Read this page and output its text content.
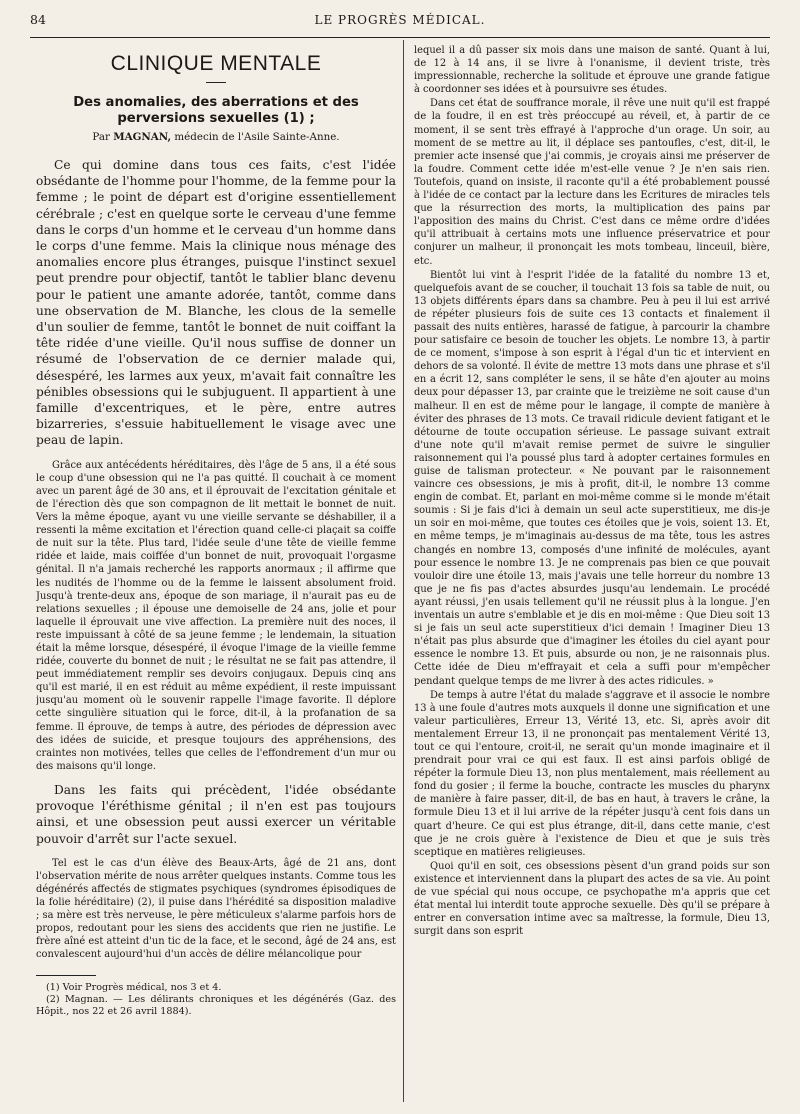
84	LE PROGRÈS MÉDICAL.
CLINIQUE MENTALE
Des anomalies, des aberrations et des perversions sexuelles (1) ;
Par MAGNAN, médecin de l'Asile Sainte-Anne.

Ce qui domine dans tous ces faits, c'est l'idée obsédante de l'homme pour l'homme, de la femme pour la femme ; le point de départ est d'origine essentiellement cérébrale ; c'est en quelque sorte le cerveau d'une femme dans le corps d'un homme et le cerveau d'un homme dans le corps d'une femme. Mais la clinique nous ménage des anomalies encore plus étranges, puisque l'instinct sexuel peut prendre pour objectif, tantôt le tablier blanc devenu pour le patient une amante adorée, tantôt, comme dans une observation de M. Blanche, les clous de la semelle d'un soulier de femme, tantôt le bonnet de nuit coiffant la tête ridée d'une vieille. Qu'il nous suffise de donner un résumé de l'observation de ce dernier malade qui, désespéré, les larmes aux yeux, m'avait fait connaître les pénibles obsessions qui le subjuguent. Il appartient à une famille d'excentriques, et le père, entre autres bizarreries, s'essuie habituellement le visage avec une peau de lapin.

Grâce aux antécédents héréditaires, dès l'âge de 5 ans, il a été sous le coup d'une obsession qui ne l'a pas quitté. Il couchait à ce moment avec un parent âgé de 30 ans, et il éprouvait de l'excitation génitale et de l'érection dès que son compagnon de lit mettait le bonnet de nuit. Vers la même époque, ayant vu une vieille servante se déshabiller, il a ressenti la même excitation et l'érection quand celle-ci plaçait sa coiffe de nuit sur la tête. Plus tard, l'idée seule d'une tête de vieille femme ridée et laide, mais coiffée d'un bonnet de nuit, provoquait l'orgasme génital. Il n'a jamais recherché les rapports anormaux ; il affirme que les nudités de l'homme ou de la femme le laissent absolument froid. Jusqu'à trente-deux ans, époque de son mariage, il n'aurait pas eu de relations sexuelles ; il épouse une demoiselle de 24 ans, jolie et pour laquelle il éprouvait une vive affection. La première nuit des noces, il reste impuissant à côté de sa jeune femme ; le lendemain, la situation était la même lorsque, désespéré, il évoque l'image de la vieille femme ridée, couverte du bonnet de nuit ; le résultat ne se fait pas attendre, il peut immédiatement remplir ses devoirs conjugaux. Depuis cinq ans qu'il est marié, il en est réduit au même expédient, il reste impuissant jusqu'au moment où le souvenir rappelle l'image favorite. Il déplore cette singulière situation qui le force, dit-il, à la profanation de sa femme. Il éprouve, de temps à autre, des périodes de dépression avec des idées de suicide, et presque toujours des appréhensions, des craintes non motivées, telles que celles de l'effondrement d'un mur ou des maisons qu'il longe.

Dans les faits qui précèdent, l'idée obsédante provoque l'éréthisme génital ; il n'en est pas toujours ainsi, et une obsession peut aussi exercer un véritable pouvoir d'arrêt sur l'acte sexuel.

Tel est le cas d'un élève des Beaux-Arts, âgé de 21 ans, dont l'observation mérite de nous arrêter quelques instants. Comme tous les dégénérés affectés de stigmates psychiques (syndromes épisodiques de la folie héréditaire) (2), il puise dans l'hérédité sa disposition maladive ; sa mère est très nerveuse, le père méticuleux s'alarme parfois hors de propos, redoutant pour les siens des accidents que rien ne justifie. Le frère aîné est atteint d'un tic de la face, et le second, âgé de 24 ans, est convalescent aujourd'hui d'un accès de délire mélancolique pour

(1) Voir Progrès médical, nos 3 et 4.

(2) Magnan. — Les délirants chroniques et les dégénérés (Gaz. des Hôpit., nos 22 et 26 avril 1884).

lequel il a dû passer six mois dans une maison de santé. Quant à lui, de 12 à 14 ans, il se livre à l'onanisme, il devient triste, très impressionnable, recherche la solitude et éprouve une grande fatigue à coordonner ses idées et à poursuivre ses études.

Dans cet état de souffrance morale, il rêve une nuit qu'il est frappé de la foudre, il en est très préoccupé au réveil, et, à partir de ce moment, il se sent très effrayé à l'approche d'un orage. Un soir, au moment de se mettre au lit, il déplace ses pantoufles, c'est, dit-il, le premier acte insensé que j'ai commis, je croyais ainsi me préserver de la foudre. Comment cette idée m'est-elle venue ? Je n'en sais rien. Toutefois, quand on insiste, il raconte qu'il a été probablement poussé à l'idée de ce contact par la lecture dans les Ecritures de miracles tels que la résurrection des morts, la multiplication des pains par l'apposition des mains du Christ. C'est dans ce même ordre d'idées qu'il attribuait à certains mots une influence préservatrice et pour conjurer un malheur, il prononçait les mots tombeau, linceuil, bière, etc.

Bientôt lui vint à l'esprit l'idée de la fatalité du nombre 13 et, quelquefois avant de se coucher, il touchait 13 fois sa table de nuit, ou 13 objets différents épars dans sa chambre. Peu à peu il lui est arrivé de répéter plusieurs fois de suite ces 13 contacts et finalement il passait des nuits entières, harassé de fatigue, à parcourir la chambre pour satisfaire ce besoin de toucher les objets. Le nombre 13, à partir de ce moment, s'impose à son esprit à l'égal d'un tic et intervient en dehors de sa volonté. Il évite de mettre 13 mots dans une phrase et s'il en a écrit 12, sans compléter le sens, il se hâte d'en ajouter au moins deux pour dépasser 13, par crainte que le treizième ne soit cause d'un malheur. Il en est de même pour le langage, il compte de manière à éviter des phrases de 13 mots. Ce travail ridicule devient fatigant et le détourne de toute occupation sérieuse. Le passage suivant extrait d'une note qu'il m'avait remise permet de suivre le singulier raisonnement qui l'a poussé plus tard à adopter certaines formules en guise de talisman protecteur. « Ne pouvant par le raisonnement vaincre ces obsessions, je mis à profit, dit-il, le nombre 13 comme engin de combat. Et, parlant en moi-même comme si le monde m'était soumis : Si je fais d'ici à demain un seul acte superstitieux, me dis-je un soir en moi-même, que toutes ces étoiles que je vois, soient 13. Et, en même temps, je m'imaginais au-dessus de ma tête, tous les astres changés en nombre 13, composés d'une infinité de molécules, ayant pour essence le nombre 13. Je ne comprenais pas bien ce que pouvait vouloir dire une étoile 13, mais j'avais une telle horreur du nombre 13 que je ne fis pas d'actes absurdes jusqu'au lendemain. Le procédé ayant réussi, j'en usais tellement qu'il ne réussit plus à la longue. J'en inventais un autre s'emblable et je dis en moi-même : Que Dieu soit 13 si je fais un seul acte superstitieux d'ici demain ! Imaginer Dieu 13 n'était pas plus absurde que d'imaginer les étoiles du ciel ayant pour essence le nombre 13. Et puis, absurde ou non, je ne raisonnais plus. Cette idée de Dieu m'effrayait et cela a suffi pour m'empêcher pendant quelque temps de me livrer à des actes ridicules. »

De temps à autre l'état du malade s'aggrave et il associe le nombre 13 à une foule d'autres mots auxquels il donne une signification et une valeur particulières, Erreur 13, Vérité 13, etc. Si, après avoir dit mentalement Erreur 13, il ne prononçait pas mentalement Vérité 13, tout ce qui l'entoure, croit-il, ne serait qu'un monde imaginaire et il prendrait pour vrai ce qui est faux. Il est ainsi parfois obligé de répéter la formule Dieu 13, non plus mentalement, mais réellement au fond du gosier ; il ferme la bouche, contracte les muscles du pharynx de manière à faire passer, dit-il, de bas en haut, à travers le crâne, la formule Dieu 13 et il lui arrive de la répéter jusqu'à cent fois dans un quart d'heure. Ce qui est plus étrange, dit-il, dans cette manie, c'est que je ne crois guère à l'existence de Dieu et que je suis très sceptique en matières religieuses.

Quoi qu'il en soit, ces obsessions pèsent d'un grand poids sur son existence et interviennent dans la plupart des actes de sa vie. Au point de vue spécial qui nous occupe, ce psychopathe m'a appris que cet état mental lui interdit toute approche sexuelle. Dès qu'il se prépare à entrer en conversation intime avec sa maîtresse, la formule, Dieu 13, surgit dans son esprit
